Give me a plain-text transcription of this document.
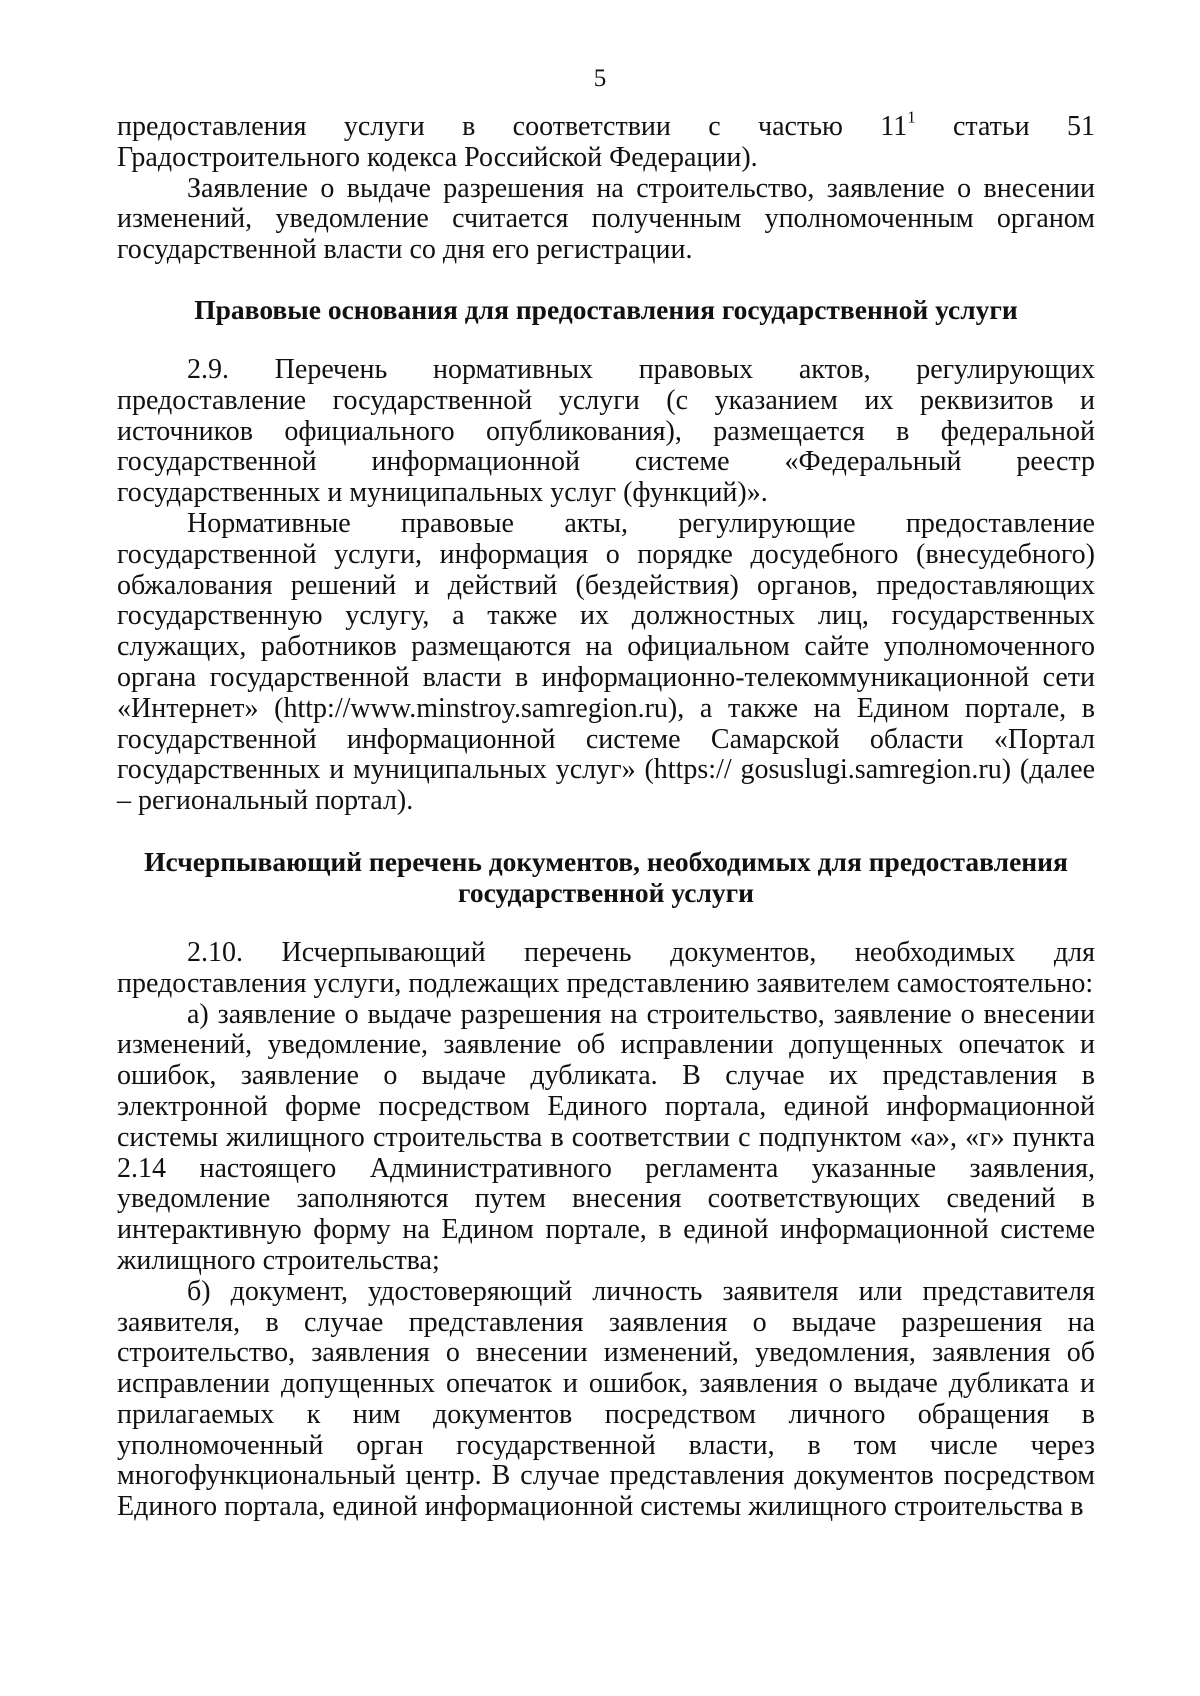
5

предоставления услуги в соответствии с частью $11^1$ статьи 51 Градостроительного кодекса Российской Федерации).

Заявление о выдаче разрешения на строительство, заявление о внесении изменений, уведомление считается полученным уполномоченным органом государственной власти со дня его регистрации.

Правовые основания для предоставления государственной услуги

2.9. Перечень нормативных правовых актов, регулирующих предоставление государственной услуги (с указанием их реквизитов и источников официального опубликования), размещается в федеральной государственной информационной системе «Федеральный реестр государственных и муниципальных услуг (функций)».

Нормативные правовые акты, регулирующие предоставление государственной услуги, информация о порядке досудебного (внесудебного) обжалования решений и действий (бездействия) органов, предоставляющих государственную услугу, а также их должностных лиц, государственных служащих, работников размещаются на официальном сайте уполномоченного органа государственной власти в информационно-телекоммуникационной сети «Интернет» (http://www.minstroy.samregion.ru), а также на Едином портале, в государственной информационной системе Самарской области «Портал государственных и муниципальных услуг» (https:// gosuslugi.samregion.ru) (далее – региональный портал).

Исчерпывающий перечень документов, необходимых для предоставления

государственной услуги

2.10. Исчерпывающий перечень документов, необходимых для предоставления услуги, подлежащих представлению заявителем самостоятельно:

а) заявление о выдаче разрешения на строительство, заявление о внесении изменений, уведомление, заявление об исправлении допущенных опечаток и ошибок, заявление о выдаче дубликата. В случае их представления в электронной форме посредством Единого портала, единой информационной системы жилищного строительства в соответствии с подпунктом «а», «г» пункта 2.14 настоящего Административного регламента указанные заявления, уведомление заполняются путем внесения соответствующих сведений в интерактивную форму на Едином портале, в единой информационной системе жилищного строительства;

б) документ, удостоверяющий личность заявителя или представителя заявителя, в случае представления заявления о выдаче разрешения на строительство, заявления о внесении изменений, уведомления, заявления об исправлении допущенных опечаток и ошибок, заявления о выдаче дубликата и прилагаемых к ним документов посредством личного обращения в уполномоченный орган государственной власти, в том числе через многофункциональный центр. В случае представления документов посредством Единого портала, единой информационной системы жилищного строительства в
